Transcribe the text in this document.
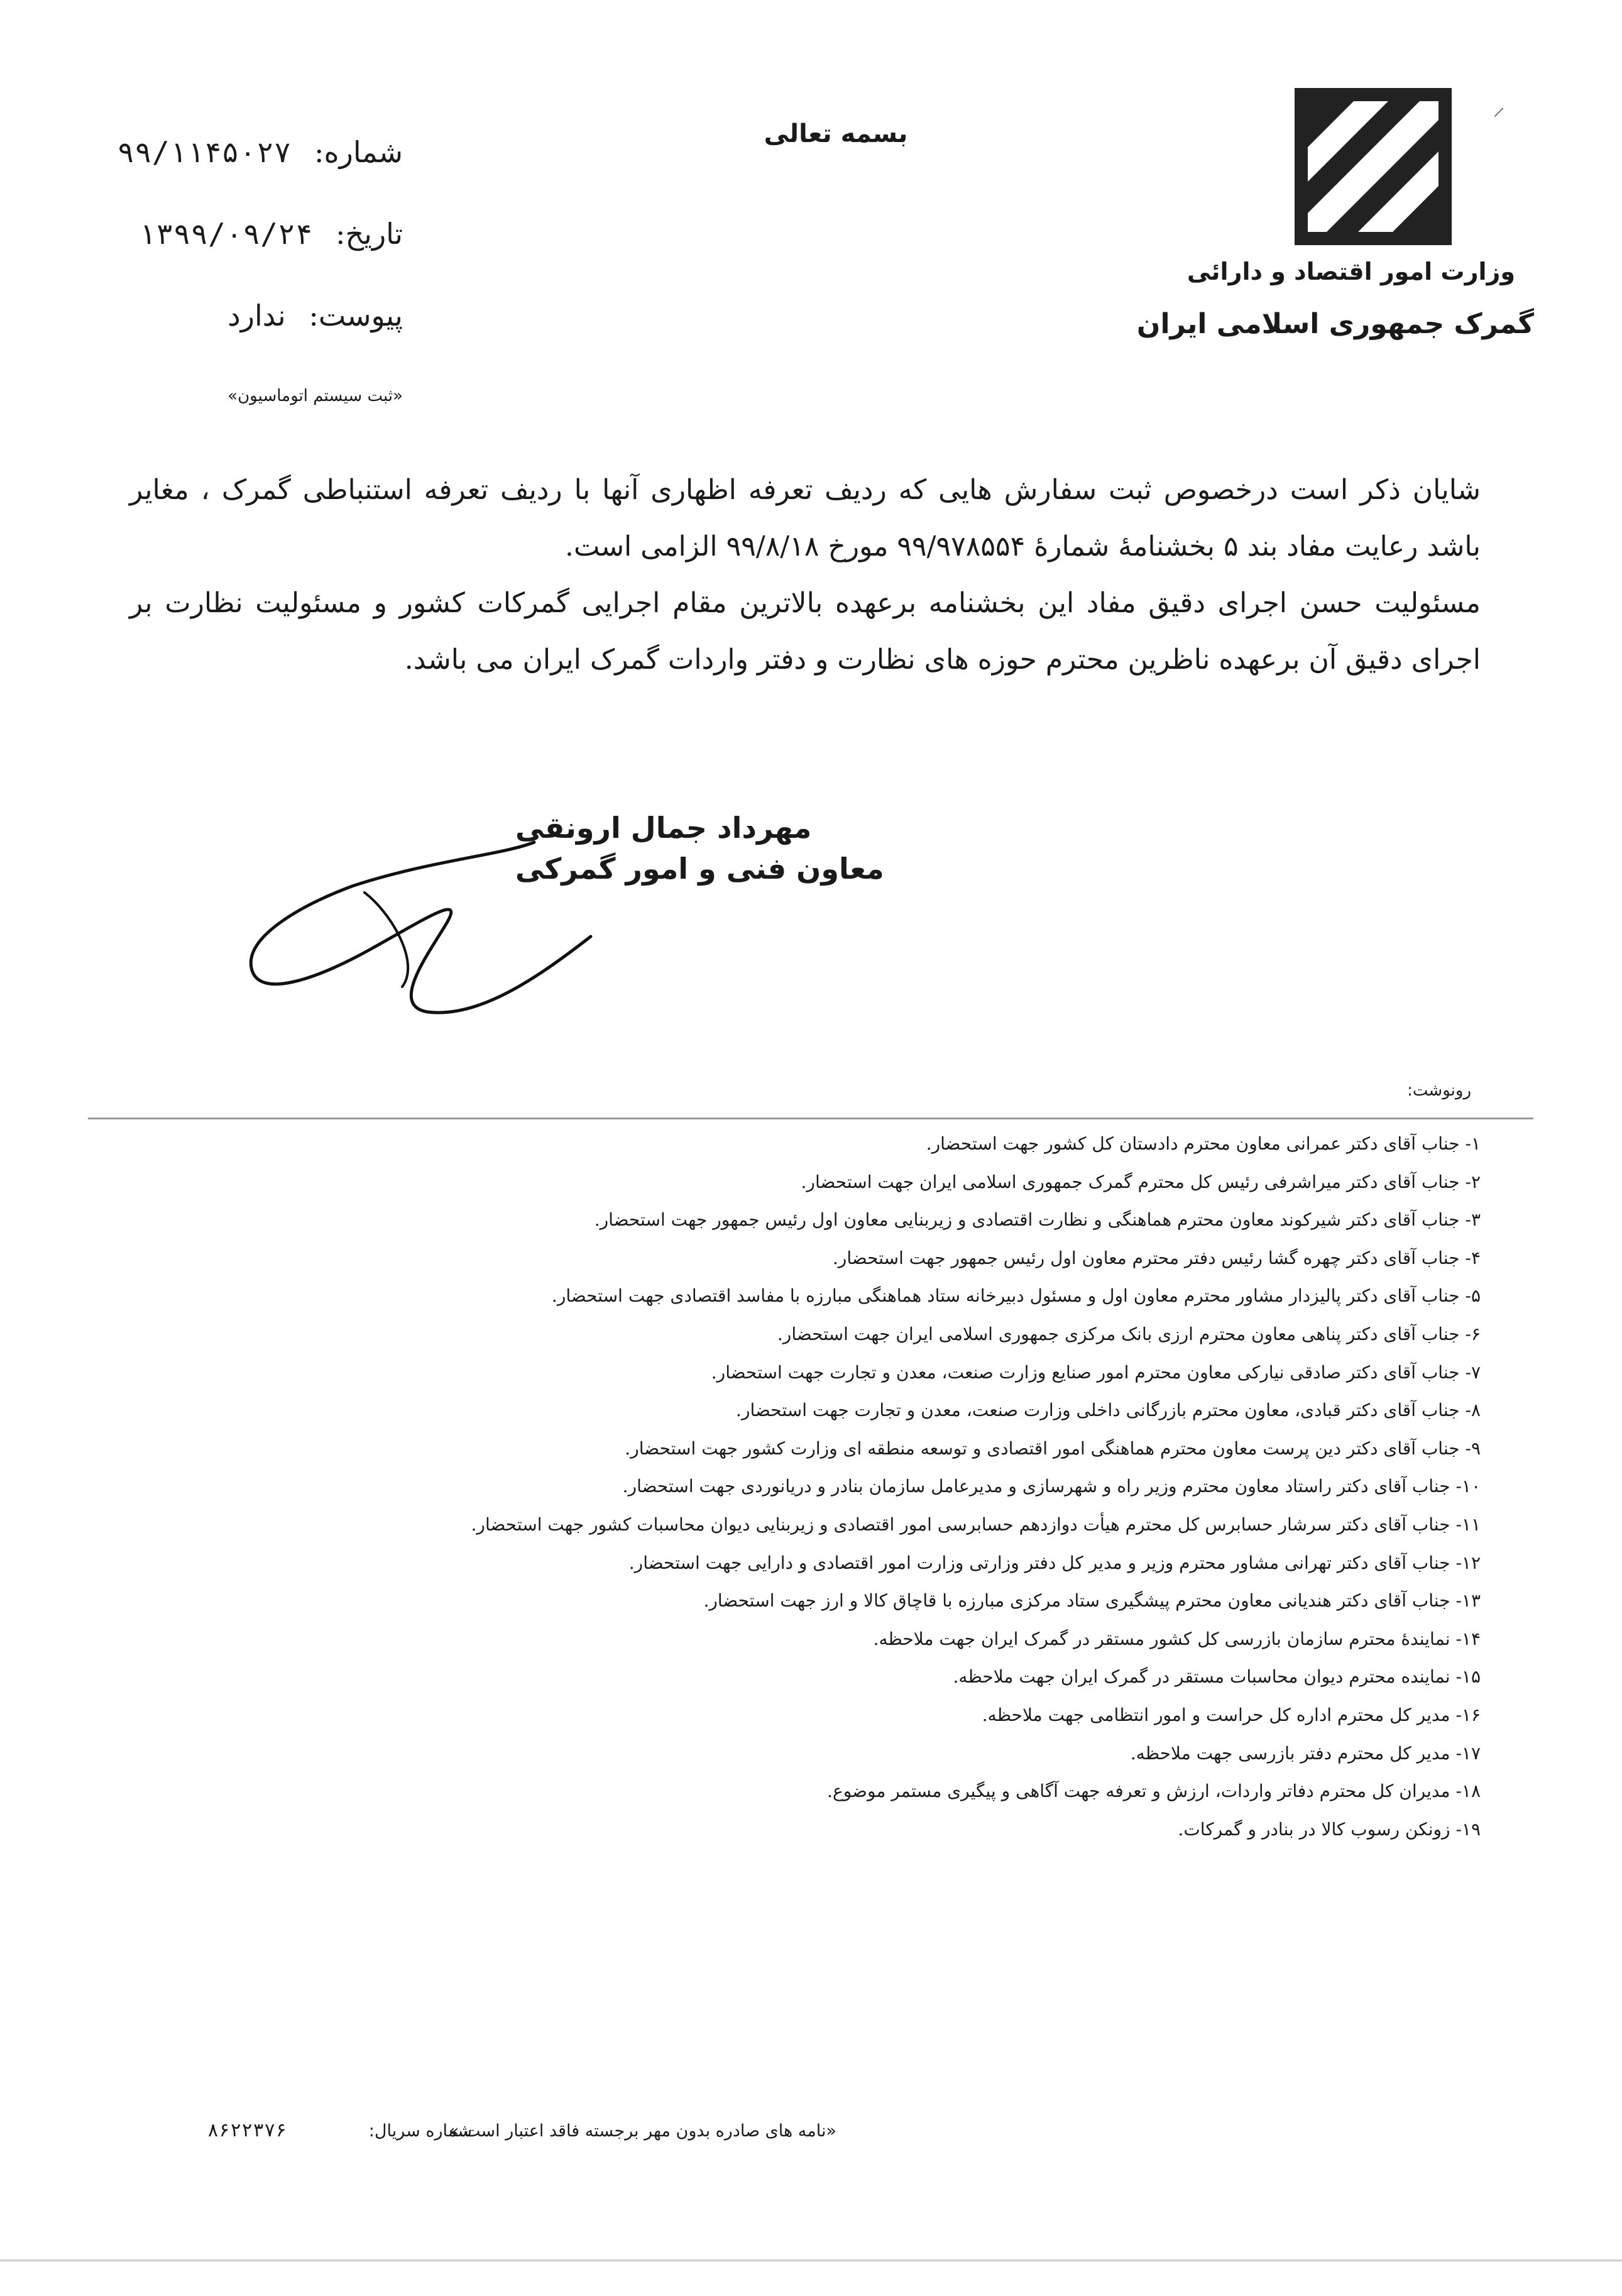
⸝
بسمه تعالی
وزارت امور اقتصاد و دارائی
گمرک جمهوری اسلامی ایران
شماره: ۹۹/۱۱۴۵۰۲۷
تاریخ: ۱۳۹۹/۰۹/۲۴
پیوست: ندارد
«ثبت سیستم اتوماسیون»

شایان ذکر است درخصوص ثبت سفارش هایی که ردیف تعرفه اظهاری آنها با ردیف تعرفه استنباطی گمرک ، مغایر باشد رعایت مفاد بند ۵ بخشنامهٔ شمارهٔ ۹۹/۹۷۸۵۵۴ مورخ ۹۹/۸/۱۸ الزامی است.

مسئولیت حسن اجرای دقیق مفاد این بخشنامه برعهده بالاترین مقام اجرایی گمرکات کشور و مسئولیت نظارت بر اجرای دقیق آن برعهده ناظرین محترم حوزه های نظارت و دفتر واردات گمرک ایران می باشد.

مهرداد جمال ارونقی
معاون فنی و امور گمرکی
رونوشت:
۱- جناب آقای دکتر عمرانی معاون محترم دادستان کل کشور جهت استحضار.
۲- جناب آقای دکتر میراشرفی رئیس کل محترم گمرک جمهوری اسلامی ایران جهت استحضار.
۳- جناب آقای دکتر شیرکوند معاون محترم هماهنگی و نظارت اقتصادی و زیربنایی معاون اول رئیس جمهور جهت استحضار.
۴- جناب آقای دکتر چهره گشا رئیس دفتر محترم معاون اول رئیس جمهور جهت استحضار.
۵- جناب آقای دکتر پالیزدار مشاور محترم معاون اول و مسئول دبیرخانه ستاد هماهنگی مبارزه با مفاسد اقتصادی جهت استحضار.
۶- جناب آقای دکتر پناهی معاون محترم ارزی بانک مرکزی جمهوری اسلامی ایران جهت استحضار.
۷- جناب آقای دکتر صادقی نیارکی معاون محترم امور صنایع وزارت صنعت، معدن و تجارت جهت استحضار.
۸- جناب آقای دکتر قبادی، معاون محترم بازرگانی داخلی وزارت صنعت، معدن و تجارت جهت استحضار.
۹- جناب آقای دکتر دین پرست معاون محترم هماهنگی امور اقتصادی و توسعه منطقه ای وزارت کشور جهت استحضار.
۱۰- جناب آقای دکتر راستاد معاون محترم وزیر راه و شهرسازی و مدیرعامل سازمان بنادر و دریانوردی جهت استحضار.
۱۱- جناب آقای دکتر سرشار حسابرس کل محترم هیأت دوازدهم حسابرسی امور اقتصادی و زیربنایی دیوان محاسبات کشور جهت استحضار.
۱۲- جناب آقای دکتر تهرانی مشاور محترم وزیر و مدیر کل دفتر وزارتی وزارت امور اقتصادی و دارایی جهت استحضار.
۱۳- جناب آقای دکتر هندیانی معاون محترم پیشگیری ستاد مرکزی مبارزه با قاچاق کالا و ارز جهت استحضار.
۱۴- نمایندهٔ محترم سازمان بازرسی کل کشور مستقر در گمرک ایران جهت ملاحظه.
۱۵- نماینده محترم دیوان محاسبات مستقر در گمرک ایران جهت ملاحظه.
۱۶- مدیر کل محترم اداره کل حراست و امور انتظامی جهت ملاحظه.
۱۷- مدیر کل محترم دفتر بازرسی جهت ملاحظه.
۱۸- مدیران کل محترم دفاتر واردات، ارزش و تعرفه جهت آگاهی و پیگیری مستمر موضوع.
۱۹- زونکن رسوب کالا در بنادر و گمرکات.
«نامه های صادره بدون مهر برجسته فاقد اعتبار است.»
شماره سریال:
۸۶۲۲۳۷۶
